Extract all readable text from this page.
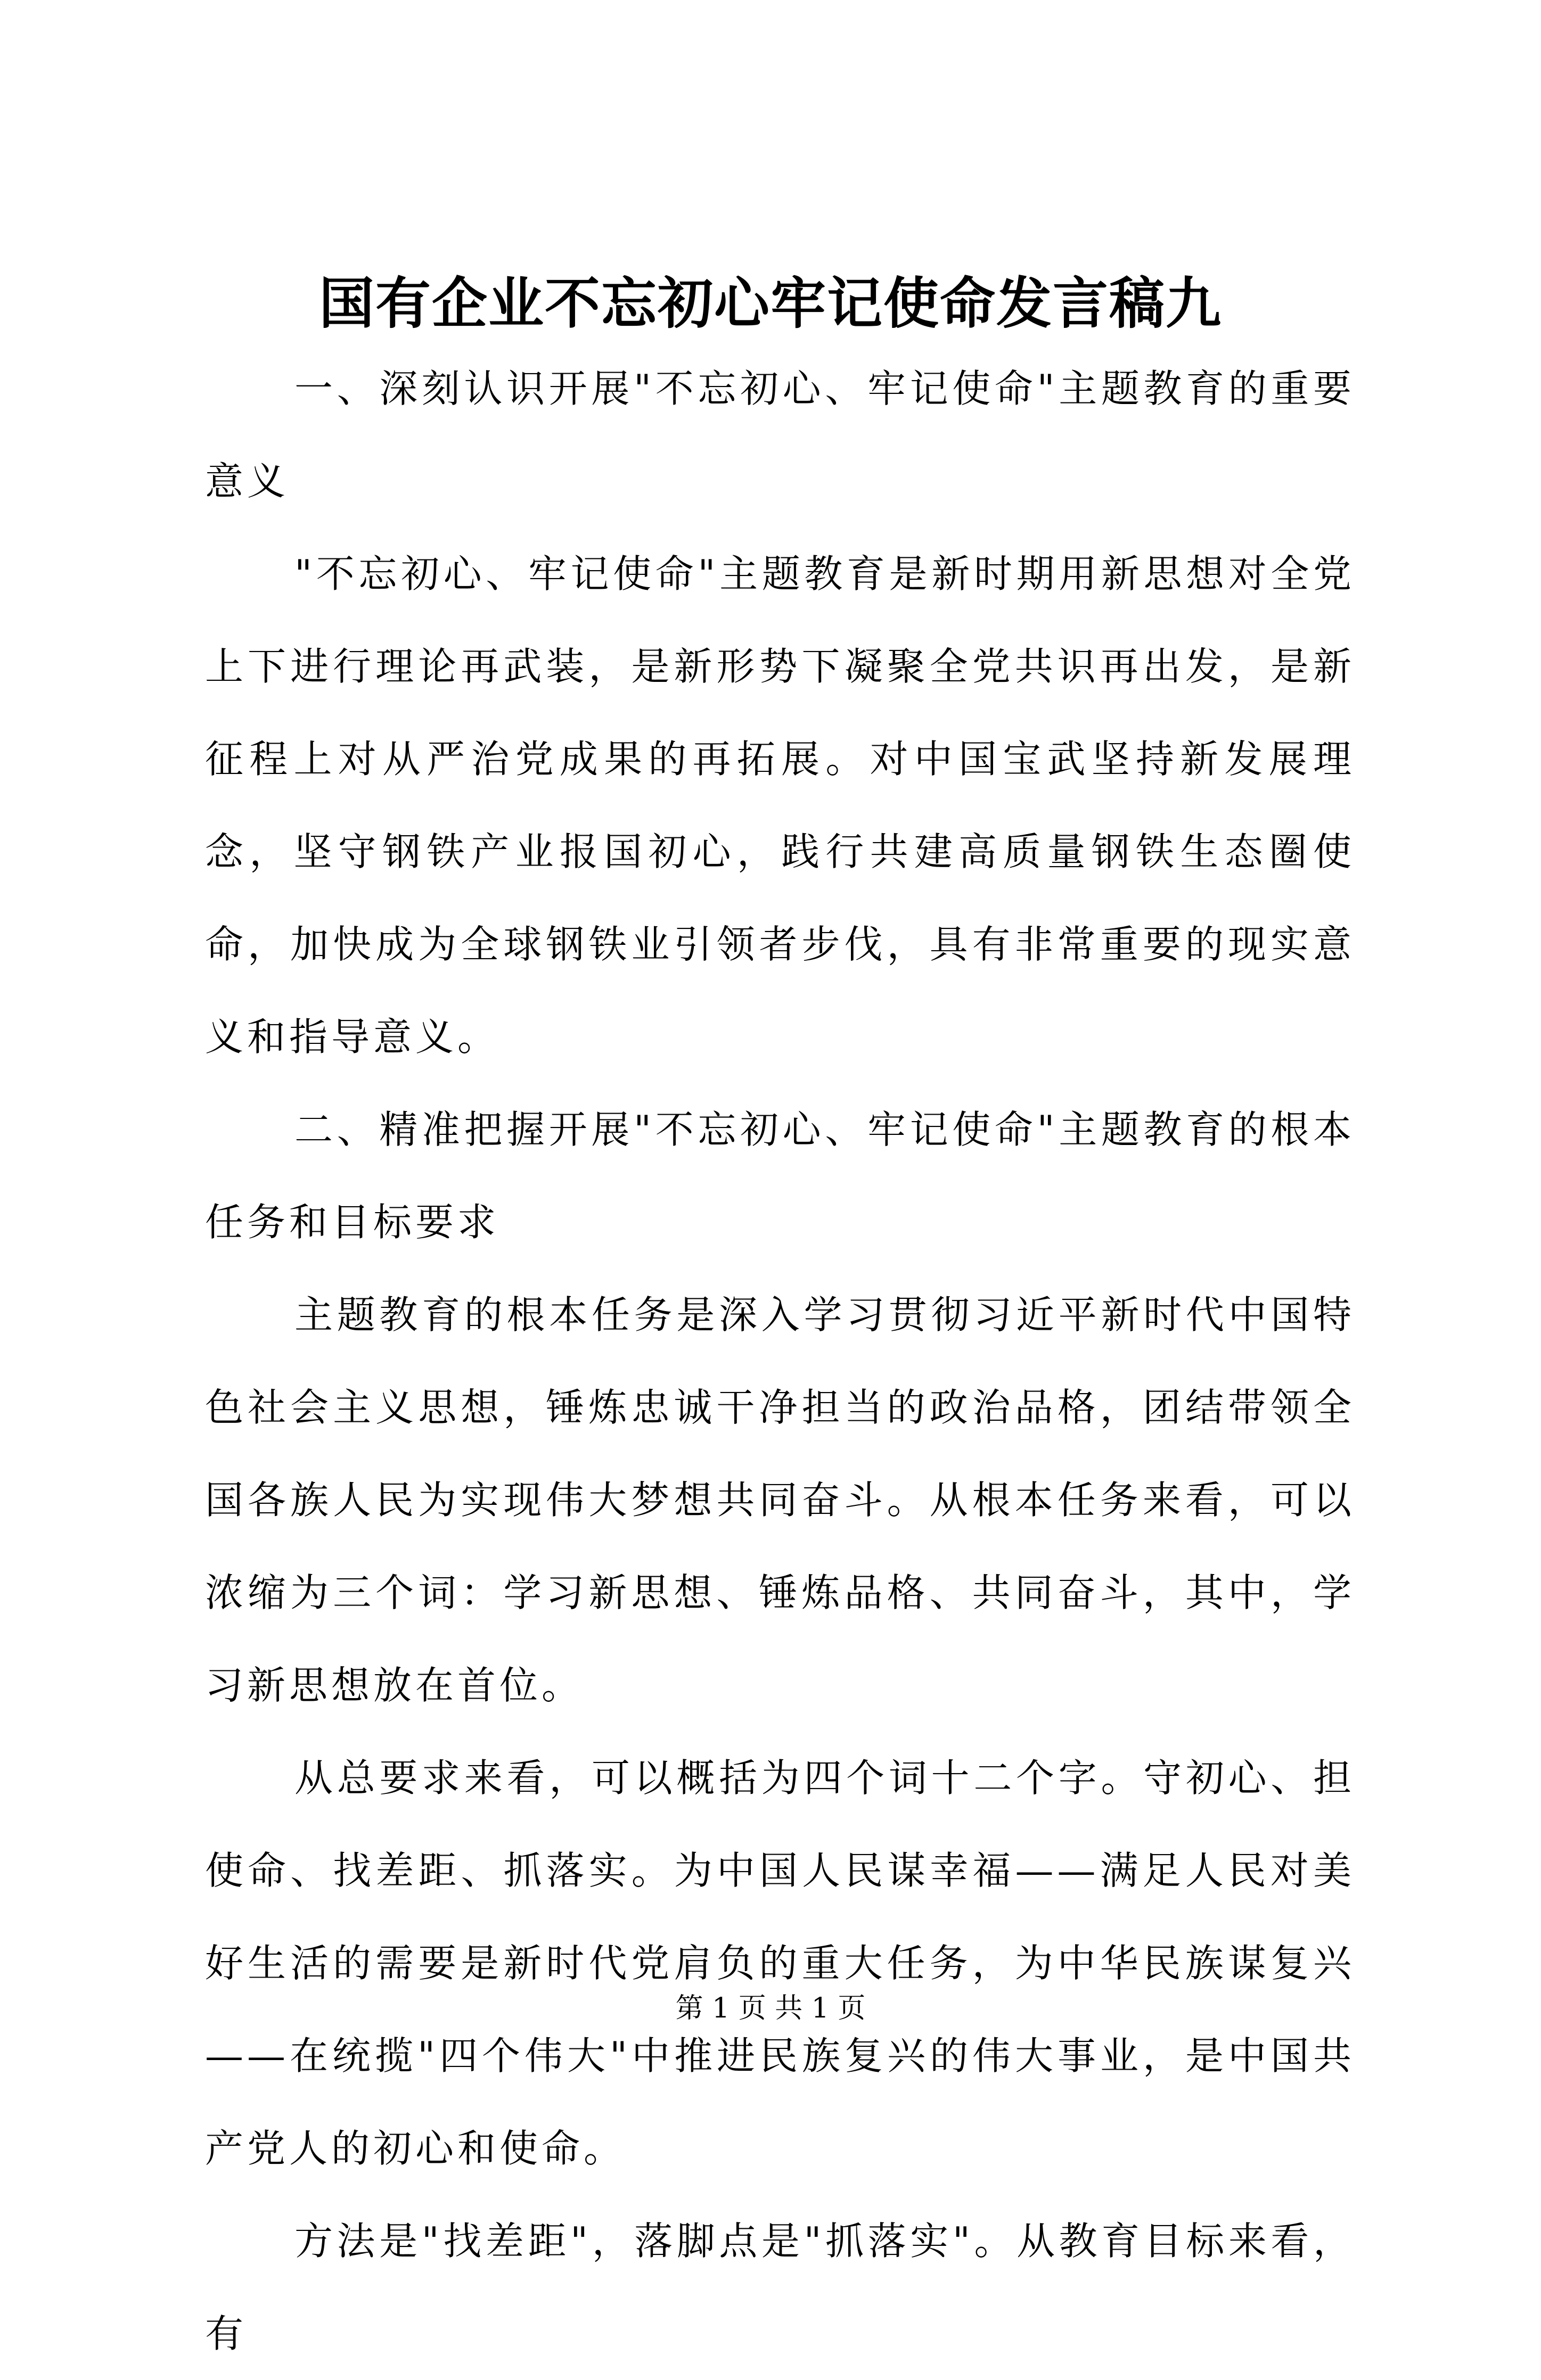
国有企业不忘初心牢记使命发言稿九

一、深刻认识开展"不忘初心、牢记使命"主题教育的重要意义

"不忘初心、牢记使命"主题教育是新时期用新思想对全党上下进行理论再武装，是新形势下凝聚全党共识再出发，是新征程上对从严治党成果的再拓展。对中国宝武坚持新发展理念，坚守钢铁产业报国初心，践行共建高质量钢铁生态圈使命，加快成为全球钢铁业引领者步伐，具有非常重要的现实意义和指导意义。

二、精准把握开展"不忘初心、牢记使命"主题教育的根本任务和目标要求

主题教育的根本任务是深入学习贯彻习近平新时代中国特色社会主义思想，锤炼忠诚干净担当的政治品格，团结带领全国各族人民为实现伟大梦想共同奋斗。从根本任务来看，可以浓缩为三个词：学习新思想、锤炼品格、共同奋斗，其中，学习新思想放在首位。

从总要求来看，可以概括为四个词十二个字。守初心、担使命、找差距、抓落实。为中国人民谋幸福——满足人民对美好生活的需要是新时代党肩负的重大任务，为中华民族谋复兴——在统揽"四个伟大"中推进民族复兴的伟大事业，是中国共产党人的初心和使命。

方法是"找差距"，落脚点是"抓落实"。从教育目标来看，有

第 1 页 共 1 页
